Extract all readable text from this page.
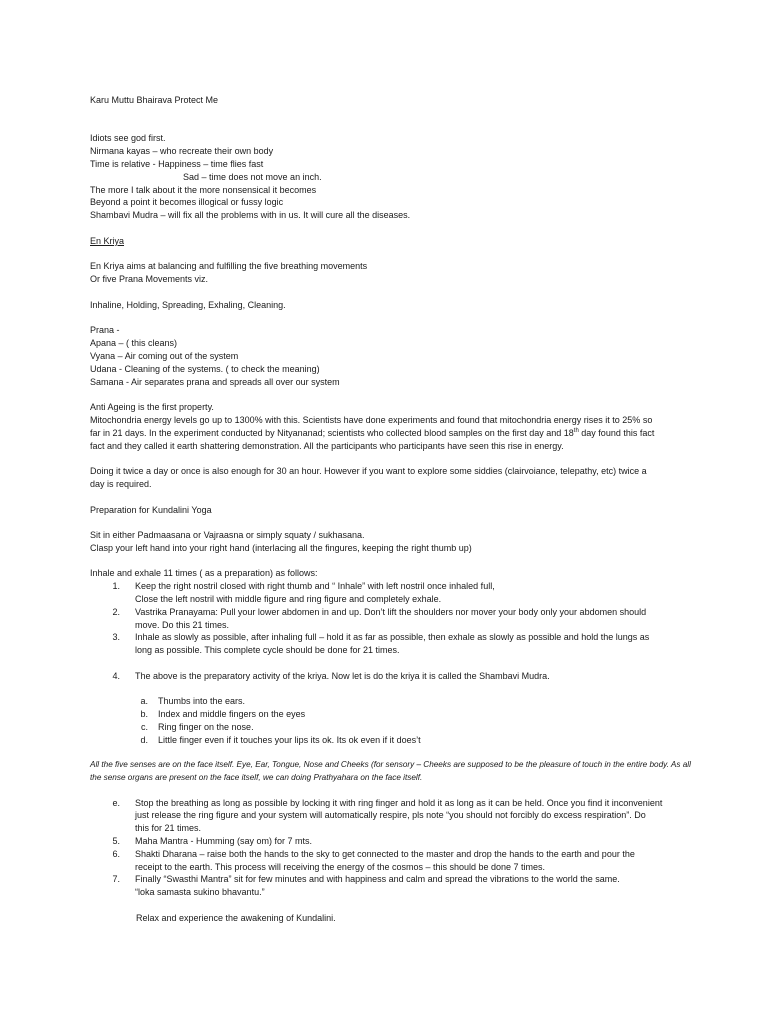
Karu Muttu Bhairava Protect Me
Idiots see god first.
Nirmana kayas – who recreate their own body
Time is relative - Happiness – time flies fast
Sad – time does not move an inch.
The more I talk about it the more nonsensical it becomes
Beyond a point it becomes illogical or fussy logic
Shambavi Mudra – will fix all the problems with in us. It will cure all the diseases.
En Kriya
En Kriya aims at balancing and fulfilling the five breathing movements
Or five Prana Movements viz.
Inhaline, Holding, Spreading, Exhaling, Cleaning.
Prana -
Apana – ( this cleans)
Vyana – Air coming out of the system
Udana - Cleaning of the systems. ( to check the meaning)
Samana - Air separates prana and spreads all over our system
Anti Ageing is the first property.
Mitochondria energy levels go up to 1300% with this. Scientists have done experiments and found that mitochondria energy rises it to 25% so
far in 21 days. In the experiment conducted by Nityananad; scientists who collected blood samples on the first day and 18th day found this fact
fact and they called it earth shattering demonstration. All the participants who participants have seen this rise in energy.
Doing it twice a day or once is also enough for 30 an hour. However if you want to explore some siddies (clairvoiance, telepathy, etc) twice a
day is required.
Preparation for Kundalini Yoga
Sit in either Padmaasana or Vajraasna or simply squaty / sukhasana.
Clasp your left hand into your right hand (interlacing all the fingures, keeping the right thumb up)
Inhale and exhale 11 times ( as a preparation) as follows:
1. Keep the right nostril closed with right thumb and “ Inhale” with left nostril once inhaled full,
Close the left nostril with middle figure and ring figure and completely exhale.
2. Vastrika Pranayama: Pull your lower abdomen in and up. Don’t lift the shoulders nor mover your body only your abdomen should
move. Do this 21 times.
3. Inhale as slowly as possible, after inhaling full – hold it as far as possible, then exhale as slowly as possible and hold the lungs as
long as possible. This complete cycle should be done for 21 times.
4. The above is the preparatory activity of the kriya. Now let is do the kriya it is called the Shambavi Mudra.
a. Thumbs into the ears.
b. Index and middle fingers on the eyes
c. Ring finger on the nose.
d. Little finger even if it touches your lips its ok. Its ok even if it does’t
All the five senses are on the face itself. Eye, Ear, Tongue, Nose and Cheeks (for sensory – Cheeks are supposed to be the pleasure of touch in the entire body. As all
the sense organs are present on the face itself, we can doing Prathyahara on the face itself.
e. Stop the breathing as long as possible by locking it with ring finger and hold it as long as it can be held. Once you find it inconvenient
just release the ring figure and your system will automatically respire, pls note “you should not forcibly do excess respiration”. Do
this for 21 times.
5. Maha Mantra - Humming (say om) for 7 mts.
6. Shakti Dharana – raise both the hands to the sky to get connected to the master and drop the hands to the earth and pour the
receipt to the earth. This process will receiving the energy of the cosmos – this should be done 7 times.
7. Finally “Swasthi Mantra” sit for few minutes and with happiness and calm and spread the vibrations to the world the same.
“loka samasta sukino bhavantu.”
Relax and experience the awakening of Kundalini.
